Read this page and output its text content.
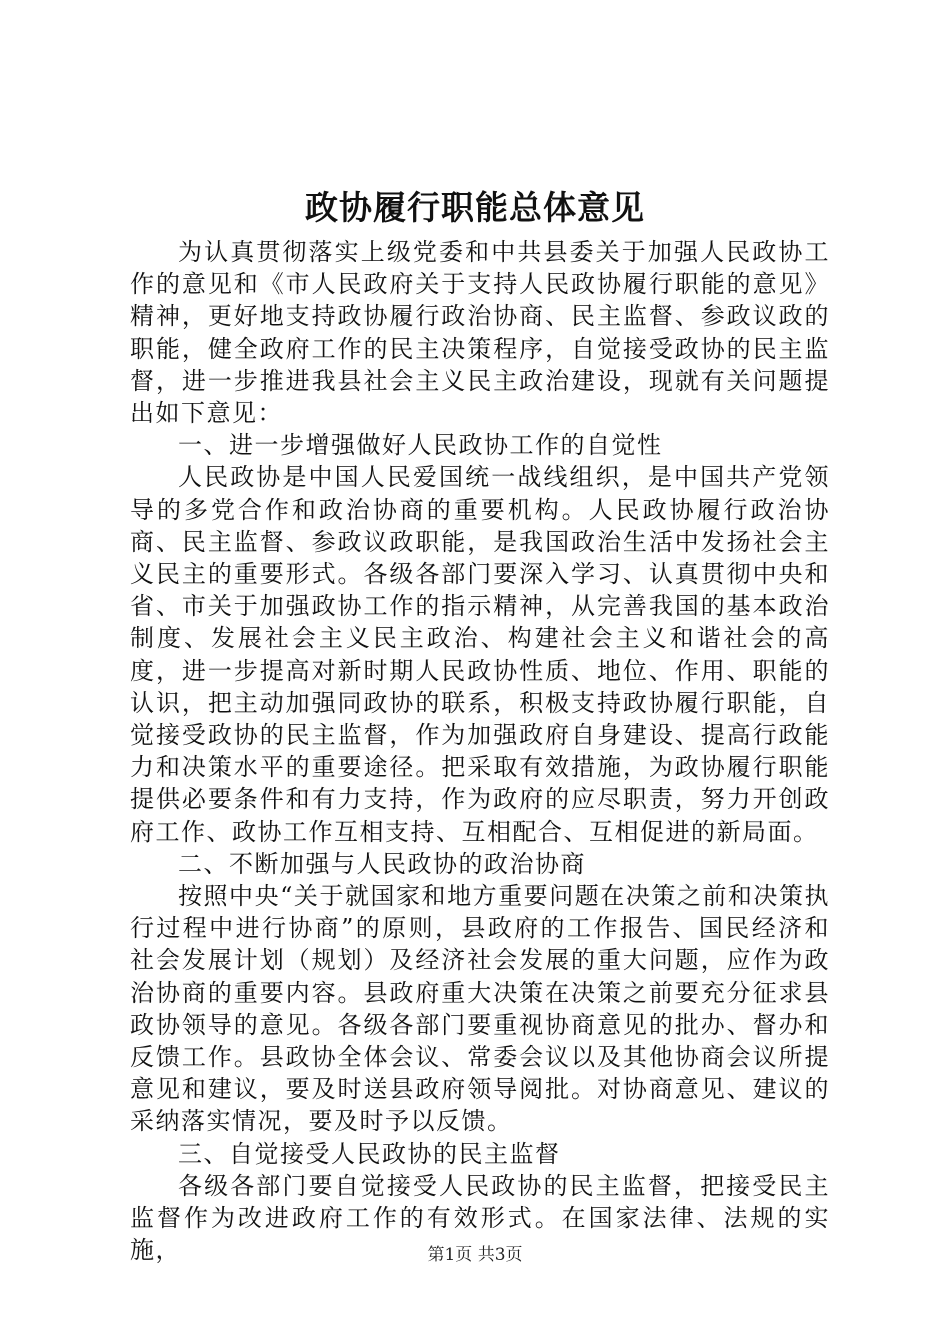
政协履行职能总体意见

为认真贯彻落实上级党委和中共县委关于加强人民政协工作的意见和《市人民政府关于支持人民政协履行职能的意见》精神，更好地支持政协履行政治协商、民主监督、参政议政的职能，健全政府工作的民主决策程序，自觉接受政协的民主监督，进一步推进我县社会主义民主政治建设，现就有关问题提出如下意见：

一、进一步增强做好人民政协工作的自觉性

人民政协是中国人民爱国统一战线组织，是中国共产党领导的多党合作和政治协商的重要机构。人民政协履行政治协商、民主监督、参政议政职能，是我国政治生活中发扬社会主义民主的重要形式。各级各部门要深入学习、认真贯彻中央和省、市关于加强政协工作的指示精神，从完善我国的基本政治制度、发展社会主义民主政治、构建社会主义和谐社会的高度，进一步提高对新时期人民政协性质、地位、作用、职能的认识，把主动加强同政协的联系，积极支持政协履行职能，自觉接受政协的民主监督，作为加强政府自身建设、提高行政能力和决策水平的重要途径。把采取有效措施，为政协履行职能提供必要条件和有力支持，作为政府的应尽职责，努力开创政府工作、政协工作互相支持、互相配合、互相促进的新局面。

二、不断加强与人民政协的政治协商

按照中央“关于就国家和地方重要问题在决策之前和决策执行过程中进行协商”的原则，县政府的工作报告、国民经济和社会发展计划（规划）及经济社会发展的重大问题，应作为政治协商的重要内容。县政府重大决策在决策之前要充分征求县政协领导的意见。各级各部门要重视协商意见的批办、督办和反馈工作。县政协全体会议、常委会议以及其他协商会议所提意见和建议，要及时送县政府领导阅批。对协商意见、建议的采纳落实情况，要及时予以反馈。

三、自觉接受人民政协的民主监督

各级各部门要自觉接受人民政协的民主监督，把接受民主监督作为改进政府工作的有效形式。在国家法律、法规的实施，	第1页 共3页
